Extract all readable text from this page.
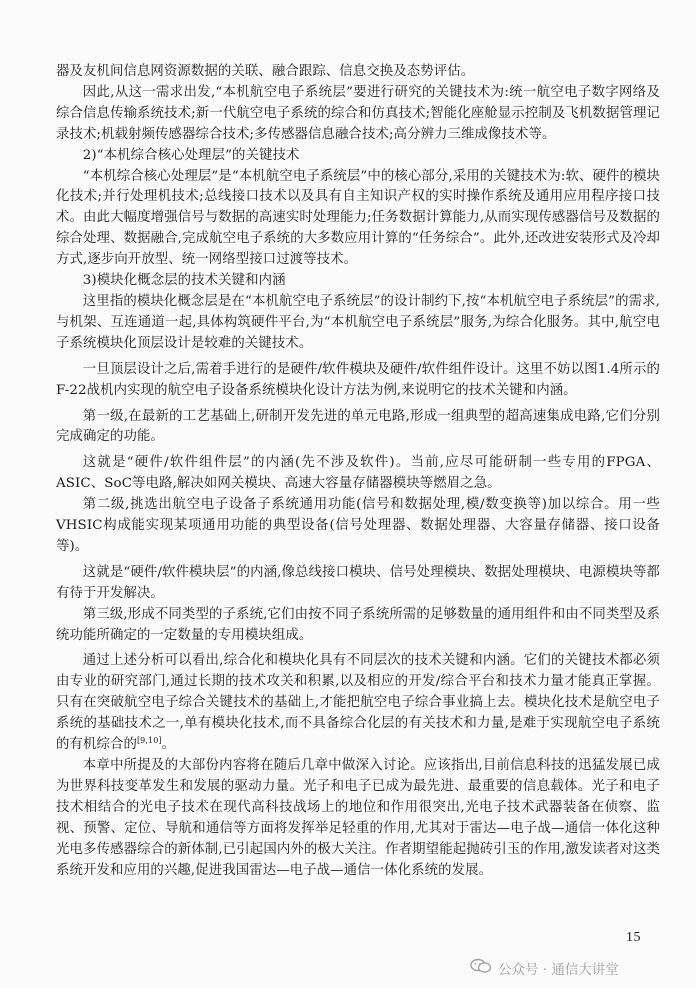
器及友机间信息网资源数据的关联、融合跟踪、信息交换及态势评估。

因此,从这一需求出发,“本机航空电子系统层”要进行研究的关键技术为:统一航空电子数字网络及综合信息传输系统技术;新一代航空电子系统的综合和仿真技术;智能化座舱显示控制及飞机数据管理记录技术;机载射频传感器综合技术;多传感器信息融合技术;高分辨力三维成像技术等。

2)“本机综合核心处理层”的关键技术

“本机综合核心处理层”是“本机航空电子系统层”中的核心部分,采用的关键技术为:软、硬件的模块化技术;并行处理机技术;总线接口技术以及具有自主知识产权的实时操作系统及通用应用程序接口技术。由此大幅度增强信号与数据的高速实时处理能力;任务数据计算能力,从而实现传感器信号及数据的综合处理、数据融合,完成航空电子系统的大多数应用计算的“任务综合”。此外,还改进安装形式及冷却方式,逐步向开放型、统一网络型接口过渡等技术。

3)模块化概念层的技术关键和内涵

这里指的模块化概念层是在“本机航空电子系统层”的设计制约下,按“本机航空电子系统层”的需求,与机架、互连通道一起,具体构筑硬件平台,为“本机航空电子系统层”服务,为综合化服务。其中,航空电子系统模块化顶层设计是较难的关键技术。

一旦顶层设计之后,需着手进行的是硬件/软件模块及硬件/软件组件设计。这里不妨以图1.4所示的F-22战机内实现的航空电子设备系统模块化设计方法为例,来说明它的技术关键和内涵。

第一级,在最新的工艺基础上,研制开发先进的单元电路,形成一组典型的超高速集成电路,它们分别完成确定的功能。

这就是“硬件/软件组件层”的内涵(先不涉及软件)。当前,应尽可能研制一些专用的FPGA、ASIC、SoC等电路,解决如网关模块、高速大容量存储器模块等燃眉之急。

第二级,挑选出航空电子设备子系统通用功能(信号和数据处理,模/数变换等)加以综合。用一些VHSIC构成能实现某项通用功能的典型设备(信号处理器、数据处理器、大容量存储器、接口设备等)。

这就是“硬件/软件模块层”的内涵,像总线接口模块、信号处理模块、数据处理模块、电源模块等都有待于开发解决。

第三级,形成不同类型的子系统,它们由按不同子系统所需的足够数量的通用组件和由不同类型及系统功能所确定的一定数量的专用模块组成。

通过上述分析可以看出,综合化和模块化具有不同层次的技术关键和内涵。它们的关键技术都必须由专业的研究部门,通过长期的技术攻关和积累,以及相应的开发/综合平台和技术力量才能真正掌握。只有在突破航空电子综合关键技术的基础上,才能把航空电子综合事业搞上去。模块化技术是航空电子系统的基础技术之一,单有模块化技术,而不具备综合化层的有关技术和力量,是难于实现航空电子系统的有机综合的[9,10]。

本章中所提及的大部份内容将在随后几章中做深入讨论。应该指出,目前信息科技的迅猛发展已成为世界科技变革发生和发展的驱动力量。光子和电子已成为最先进、最重要的信息载体。光子和电子技术相结合的光电子技术在现代高科技战场上的地位和作用很突出,光电子技术武器装备在侦察、监视、预警、定位、导航和通信等方面将发挥举足轻重的作用,尤其对于雷达—电子战—通信一体化这种光电多传感器综合的新体制,已引起国内外的极大关注。作者期望能起抛砖引玉的作用,激发读者对这类系统开发和应用的兴趣,促进我国雷达—电子战—通信一体化系统的发展。

15
公众号 · 通信大讲堂
